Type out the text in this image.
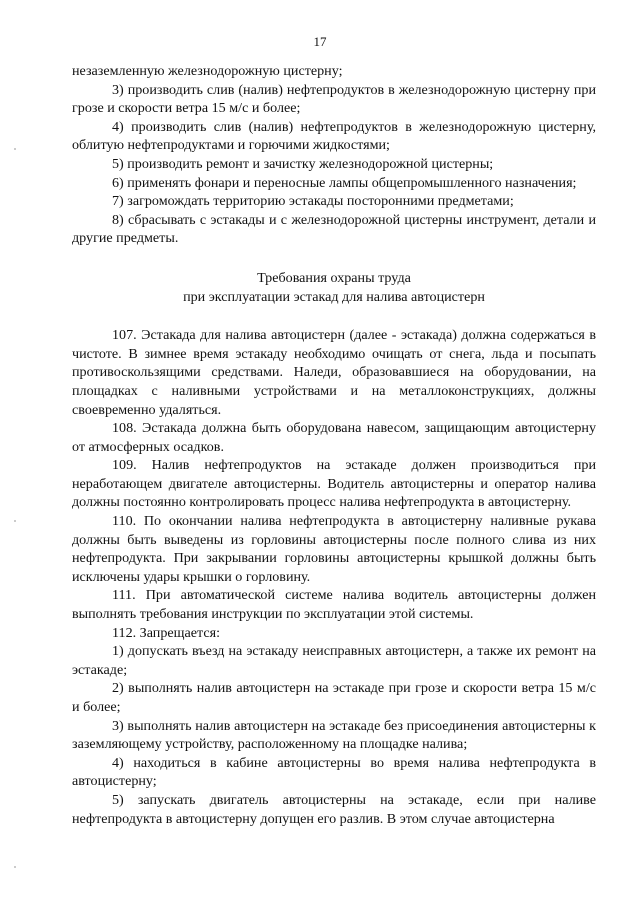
17

незаземленную железнодорожную цистерну;

3) производить слив (налив) нефтепродуктов в железнодорожную цистерну при грозе и скорости ветра 15 м/с и более;

4) производить слив (налив) нефтепродуктов в железнодорожную цистерну, облитую нефтепродуктами и горючими жидкостями;

5) производить ремонт и зачистку железнодорожной цистерны;

6) применять фонари и переносные лампы общепромышленного назначения;

7) загромождать территорию эстакады посторонними предметами;

8) сбрасывать с эстакады и с железнодорожной цистерны инструмент, детали и другие предметы.

Требования охраны труда

при эксплуатации эстакад для налива автоцистерн

107. Эстакада для налива автоцистерн (далее - эстакада) должна содержаться в чистоте. В зимнее время эстакаду необходимо очищать от снега, льда и посыпать противоскользящими средствами. Наледи, образовавшиеся на оборудовании, на площадках с наливными устройствами и на металлоконструкциях, должны своевременно удаляться.

108. Эстакада должна быть оборудована навесом, защищающим автоцистерну от атмосферных осадков.

109. Налив нефтепродуктов на эстакаде должен производиться при неработающем двигателе автоцистерны. Водитель автоцистерны и оператор налива должны постоянно контролировать процесс налива нефтепродукта в автоцистерну.

110. По окончании налива нефтепродукта в автоцистерну наливные рукава должны быть выведены из горловины автоцистерны после полного слива из них нефтепродукта. При закрывании горловины автоцистерны крышкой должны быть исключены удары крышки о горловину.

111. При автоматической системе налива водитель автоцистерны должен выполнять требования инструкции по эксплуатации этой системы.

112. Запрещается:

1) допускать въезд на эстакаду неисправных автоцистерн, а также их ремонт на эстакаде;

2) выполнять налив автоцистерн на эстакаде при грозе и скорости ветра 15 м/с и более;

3) выполнять налив автоцистерн на эстакаде без присоединения автоцистерны к заземляющему устройству, расположенному на площадке налива;

4) находиться в кабине автоцистерны во время налива нефтепродукта в автоцистерну;

5) запускать двигатель автоцистерны на эстакаде, если при наливе нефтепродукта в автоцистерну допущен его разлив. В этом случае автоцистерна
